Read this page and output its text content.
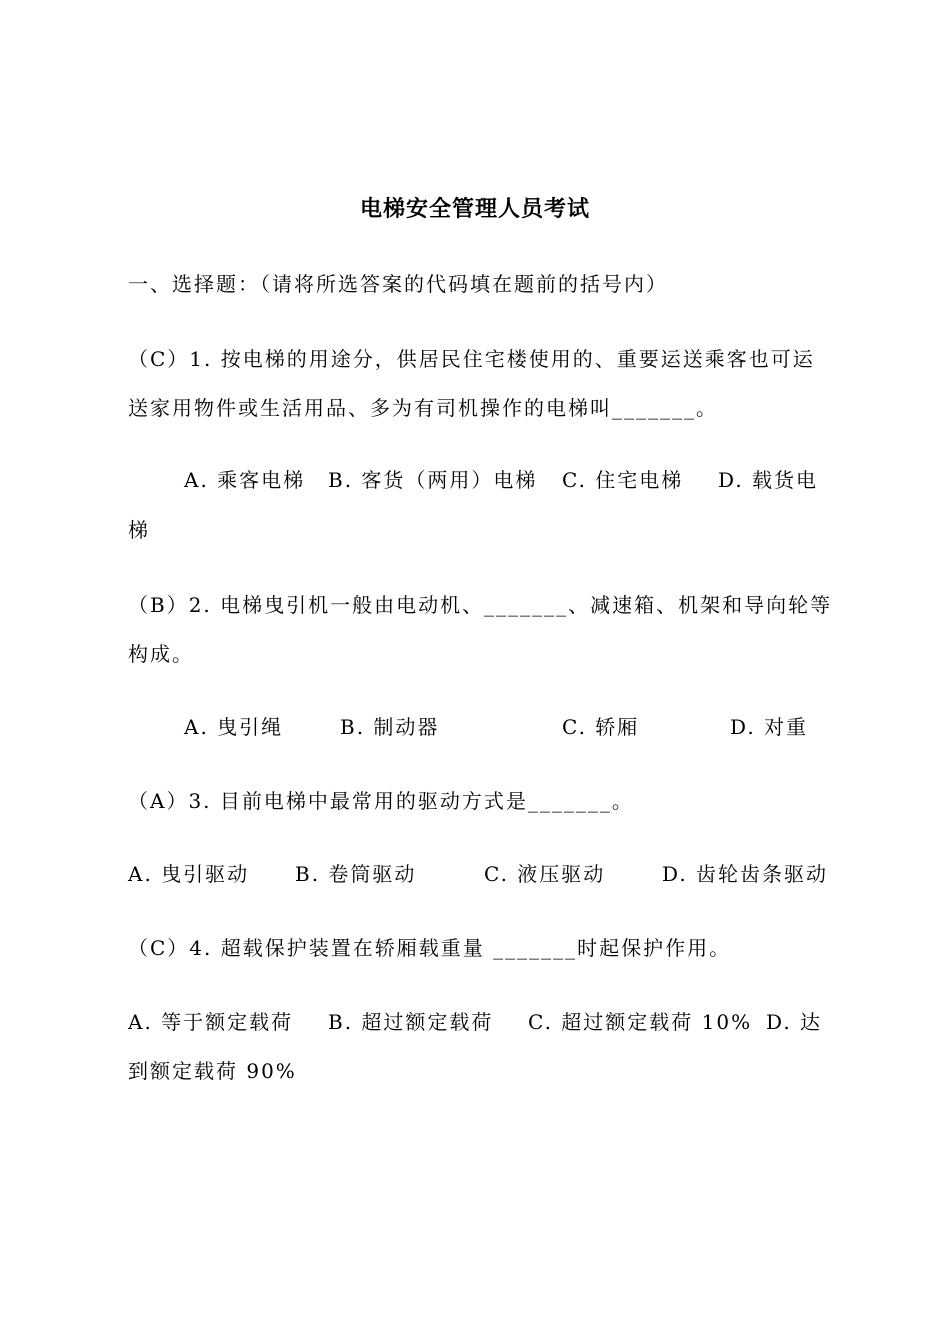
电梯安全管理人员考试
一、选择题：（请将所选答案的代码填在题前的括号内）
（C）1. 按电梯的用途分，供居民住宅楼使用的、重要运送乘客也可运
送家用物件或生活用品、多为有司机操作的电梯叫_______。
A. 乘客电梯 B. 客货（两用）电梯 C. 住宅电梯 D. 载货电
梯
（B）2. 电梯曳引机一般由电动机、_______、减速箱、机架和导向轮等
构成。
A. 曳引绳	B. 制动器	C. 轿厢	D. 对重
（A）3. 目前电梯中最常用的驱动方式是_______。
A. 曳引驱动 B. 卷筒驱动	C. 液压驱动	D. 齿轮齿条驱动
（C）4. 超载保护装置在轿厢载重量 _______时起保护作用。
A. 等于额定载荷 B. 超过额定载荷 C. 超过额定载荷 10% D. 达
到额定载荷 90%
